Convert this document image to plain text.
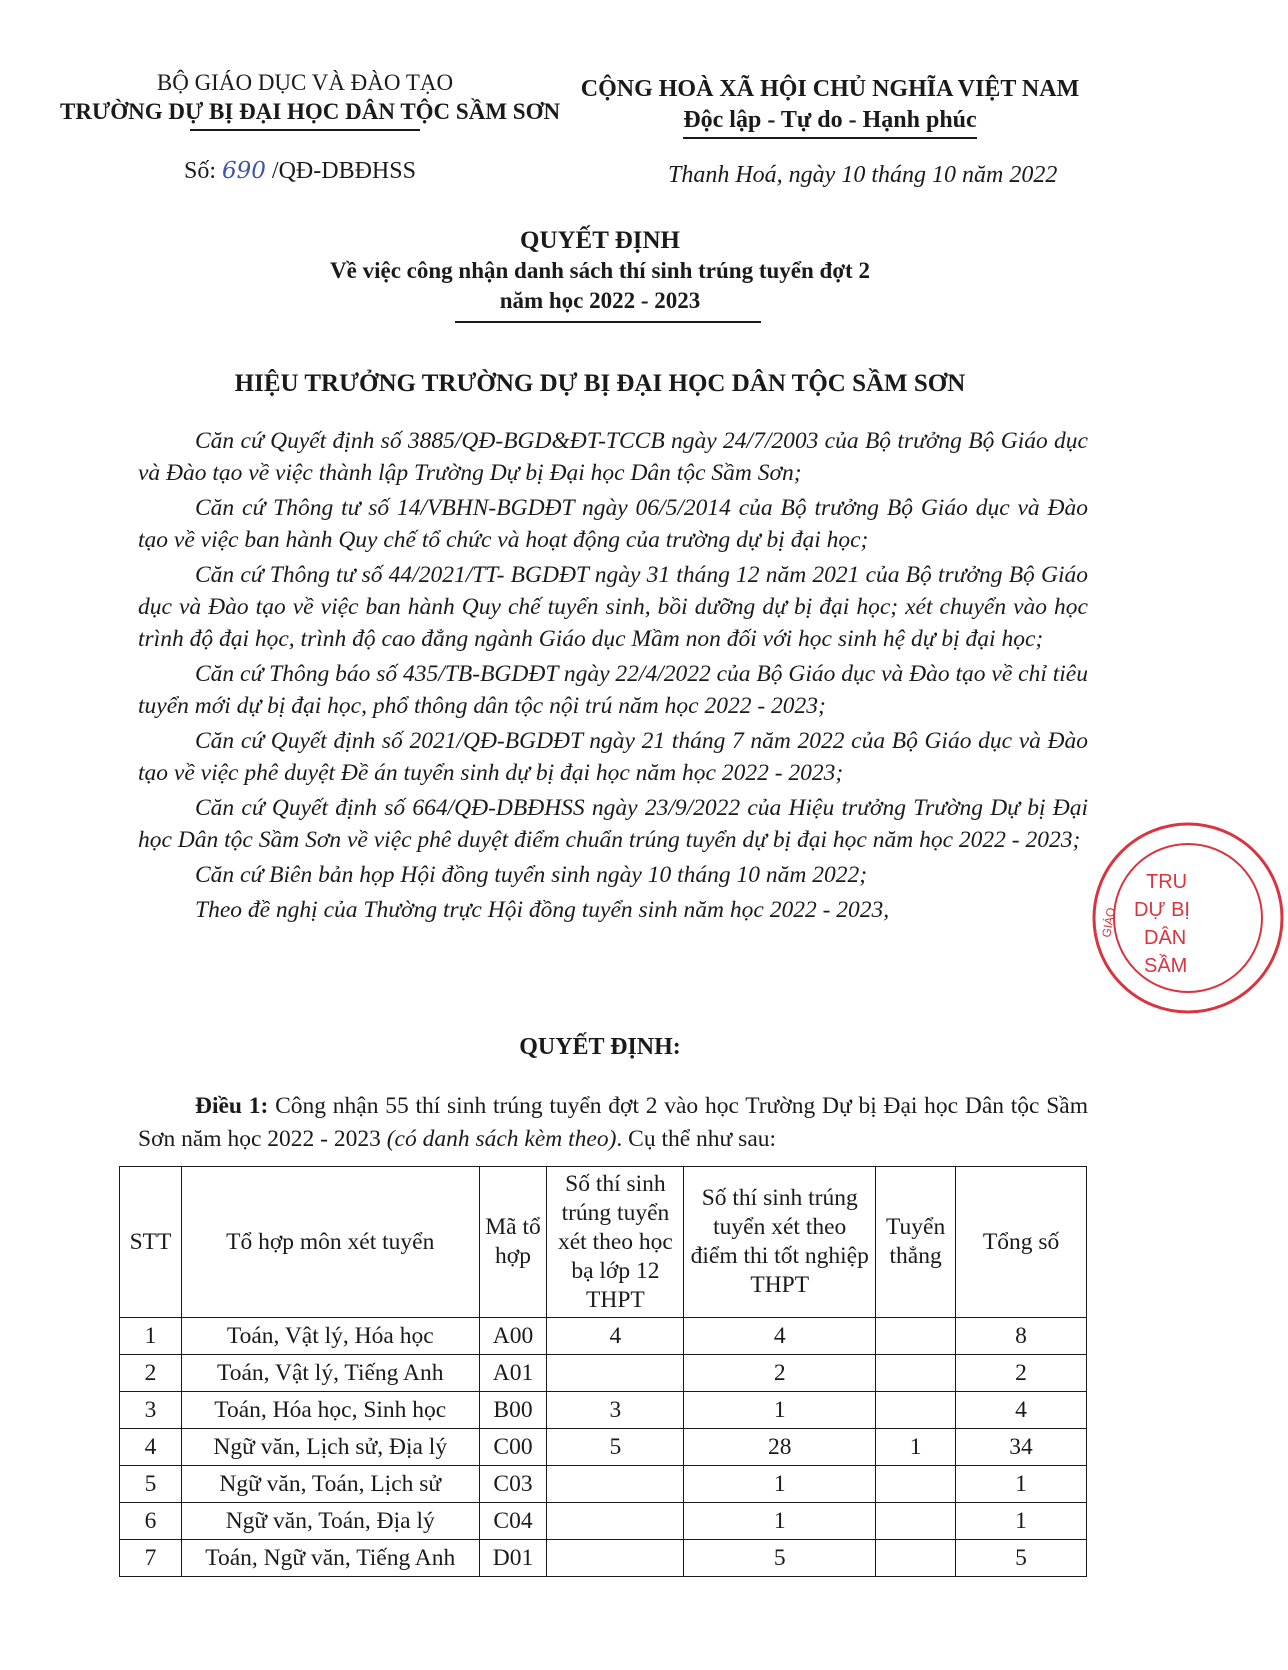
BỘ GIÁO DỤC VÀ ĐÀO TẠO
TRƯỜNG DỰ BỊ ĐẠI HỌC DÂN TỘC SẦM SƠN
CỘNG HOÀ XÃ HỘI CHỦ NGHĨA VIỆT NAM
Độc lập - Tự do - Hạnh phúc
Số: 690 /QĐ-DBĐHSS	Thanh Hoá, ngày 10 tháng 10 năm 2022
QUYẾT ĐỊNH
Về việc công nhận danh sách thí sinh trúng tuyển đợt 2
năm học 2022 - 2023
HIỆU TRƯỞNG TRƯỜNG DỰ BỊ ĐẠI HỌC DÂN TỘC SẦM SƠN

Căn cứ Quyết định số 3885/QĐ-BGD&ĐT-TCCB ngày 24/7/2003 của Bộ trưởng Bộ Giáo dục và Đào tạo về việc thành lập Trường Dự bị Đại học Dân tộc Sầm Sơn;

Căn cứ Thông tư số 14/VBHN-BGDĐT ngày 06/5/2014 của Bộ trưởng Bộ Giáo dục và Đào tạo về việc ban hành Quy chế tổ chức và hoạt động của trường dự bị đại học;

Căn cứ Thông tư số 44/2021/TT- BGDĐT ngày 31 tháng 12 năm 2021 của Bộ trưởng Bộ Giáo dục và Đào tạo về việc ban hành Quy chế tuyển sinh, bồi dưỡng dự bị đại học; xét chuyển vào học trình độ đại học, trình độ cao đẳng ngành Giáo dục Mầm non đối với học sinh hệ dự bị đại học;

Căn cứ Thông báo số 435/TB-BGDĐT ngày 22/4/2022 của Bộ Giáo dục và Đào tạo về chỉ tiêu tuyển mới dự bị đại học, phổ thông dân tộc nội trú năm học 2022 - 2023;

Căn cứ Quyết định số 2021/QĐ-BGDĐT ngày 21 tháng 7 năm 2022 của Bộ Giáo dục và Đào tạo về việc phê duyệt Đề án tuyển sinh dự bị đại học năm học 2022 - 2023;

Căn cứ Quyết định số 664/QĐ-DBĐHSS ngày 23/9/2022 của Hiệu trưởng Trường Dự bị Đại học Dân tộc Sầm Sơn về việc phê duyệt điểm chuẩn trúng tuyển dự bị đại học năm học 2022 - 2023;

Căn cứ Biên bản họp Hội đồng tuyển sinh ngày 10 tháng 10 năm 2022;

Theo đề nghị của Thường trực Hội đồng tuyển sinh năm học 2022 - 2023,

QUYẾT ĐỊNH:
Điều 1: Công nhận 55 thí sinh trúng tuyển đợt 2 vào học Trường Dự bị Đại học Dân tộc Sầm Sơn năm học 2022 - 2023 (có danh sách kèm theo). Cụ thể như sau:
STT	Tổ hợp môn xét tuyển	Mã tổ hợp	Số thí sinh trúng tuyển xét theo học bạ lớp 12 THPT	Số thí sinh trúng tuyển xét theo điểm thi tốt nghiệp THPT	Tuyển thẳng	Tổng số
1	Toán, Vật lý, Hóa học	A00	4	4		8
2	Toán, Vật lý, Tiếng Anh	A01		2		2
3	Toán, Hóa học, Sinh học	B00	3	1		4
4	Ngữ văn, Lịch sử, Địa lý	C00	5	28	1	34
5	Ngữ văn, Toán, Lịch sử	C03		1		1
6	Ngữ văn, Toán, Địa lý	C04		1		1
7	Toán, Ngữ văn, Tiếng Anh	D01		5		5
TRU
DỰ BỊ
DÂN
SẦM
GIÁO
